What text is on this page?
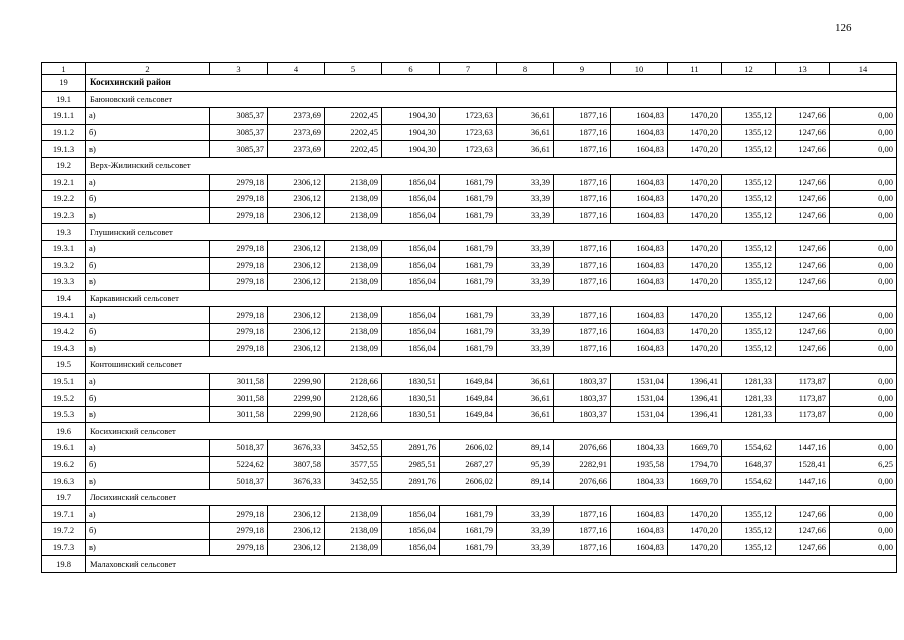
126
1	2	3	4	5	6	7	8	9	10	11	12	13	14
19	Косихинский район												
19.1	Баюновский сельсовет												
19.1.1	а)	3085,37	2373,69	2202,45	1904,30	1723,63	36,61	1877,16	1604,83	1470,20	1355,12	1247,66	0,00
19.1.2	б)	3085,37	2373,69	2202,45	1904,30	1723,63	36,61	1877,16	1604,83	1470,20	1355,12	1247,66	0,00
19.1.3	в)	3085,37	2373,69	2202,45	1904,30	1723,63	36,61	1877,16	1604,83	1470,20	1355,12	1247,66	0,00
19.2	Верх-Жилинский сельсовет												
19.2.1	а)	2979,18	2306,12	2138,09	1856,04	1681,79	33,39	1877,16	1604,83	1470,20	1355,12	1247,66	0,00
19.2.2	б)	2979,18	2306,12	2138,09	1856,04	1681,79	33,39	1877,16	1604,83	1470,20	1355,12	1247,66	0,00
19.2.3	в)	2979,18	2306,12	2138,09	1856,04	1681,79	33,39	1877,16	1604,83	1470,20	1355,12	1247,66	0,00
19.3	Глушинский сельсовет												
19.3.1	а)	2979,18	2306,12	2138,09	1856,04	1681,79	33,39	1877,16	1604,83	1470,20	1355,12	1247,66	0,00
19.3.2	б)	2979,18	2306,12	2138,09	1856,04	1681,79	33,39	1877,16	1604,83	1470,20	1355,12	1247,66	0,00
19.3.3	в)	2979,18	2306,12	2138,09	1856,04	1681,79	33,39	1877,16	1604,83	1470,20	1355,12	1247,66	0,00
19.4	Каркавинский сельсовет												
19.4.1	а)	2979,18	2306,12	2138,09	1856,04	1681,79	33,39	1877,16	1604,83	1470,20	1355,12	1247,66	0,00
19.4.2	б)	2979,18	2306,12	2138,09	1856,04	1681,79	33,39	1877,16	1604,83	1470,20	1355,12	1247,66	0,00
19.4.3	в)	2979,18	2306,12	2138,09	1856,04	1681,79	33,39	1877,16	1604,83	1470,20	1355,12	1247,66	0,00
19.5	Контошинский сельсовет												
19.5.1	а)	3011,58	2299,90	2128,66	1830,51	1649,84	36,61	1803,37	1531,04	1396,41	1281,33	1173,87	0,00
19.5.2	б)	3011,58	2299,90	2128,66	1830,51	1649,84	36,61	1803,37	1531,04	1396,41	1281,33	1173,87	0,00
19.5.3	в)	3011,58	2299,90	2128,66	1830,51	1649,84	36,61	1803,37	1531,04	1396,41	1281,33	1173,87	0,00
19.6	Косихинский сельсовет												
19.6.1	а)	5018,37	3676,33	3452,55	2891,76	2606,02	89,14	2076,66	1804,33	1669,70	1554,62	1447,16	0,00
19.6.2	б)	5224,62	3807,58	3577,55	2985,51	2687,27	95,39	2282,91	1935,58	1794,70	1648,37	1528,41	6,25
19.6.3	в)	5018,37	3676,33	3452,55	2891,76	2606,02	89,14	2076,66	1804,33	1669,70	1554,62	1447,16	0,00
19.7	Лосихинский сельсовет												
19.7.1	а)	2979,18	2306,12	2138,09	1856,04	1681,79	33,39	1877,16	1604,83	1470,20	1355,12	1247,66	0,00
19.7.2	б)	2979,18	2306,12	2138,09	1856,04	1681,79	33,39	1877,16	1604,83	1470,20	1355,12	1247,66	0,00
19.7.3	в)	2979,18	2306,12	2138,09	1856,04	1681,79	33,39	1877,16	1604,83	1470,20	1355,12	1247,66	0,00
19.8	Малаховский сельсовет												
